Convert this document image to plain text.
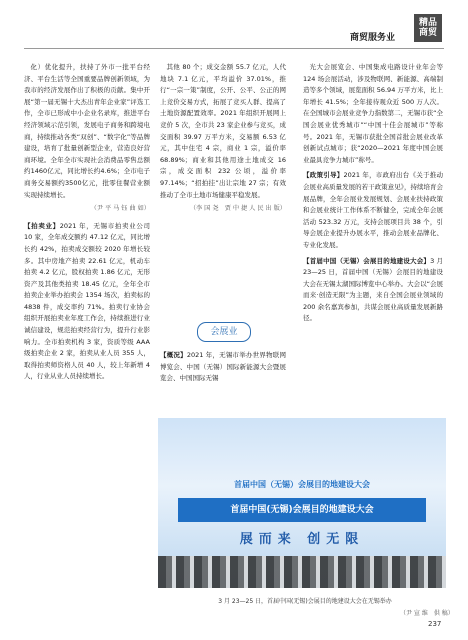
商贸服务业
精品
商贸

化）优化提升，扶持了外市一批平台经济、平台生活等全国重要品牌创新领域，为我市的经济发展作出了积极的贡献。集中开展“第一届无锡十大杰出青年企业家”评选工作，全市已形成中小企业名录库，推进平台经济领域示范引领，发展电子商务和跨境电商，持续推动各类“双创”、“数字化”等品牌建设，培育了批量创新型企业，营造良好营商环境。全年全市实现社会消费品零售总额约1460亿元，同比增长约4.6%；全市电子商务交易额约3500亿元，批零住餐营业额实现持续增长。

（尹 平 马 钰 曲 如）

【拍卖业】2021 年，无锡市拍卖业公司 10 家，全年成交额约 47.12 亿元，同比增长约 42%，拍卖成交额较 2020 年增长较多。其中房地产拍卖 22.61 亿元，机动车拍卖 4.2 亿元，股权拍卖 1.86 亿元，无形资产及其他类拍卖 18.45 亿元，全年全市拍卖企业举办拍卖会 1354 场次，拍卖标的 4838 件，成交率约 71%。拍卖行业协会组织开展拍卖业年度工作会，持续推进行业诚信建设，规范拍卖经营行为，提升行业影响力。全市拍卖机构 3 家，资质等级 AAA 级拍卖企业 2 家，拍卖从业人员 355 人，取得拍卖师资格人员 40 人，较上年新增 4 人，行业从业人员持续增长。

其他 80 个；成交金额 55.7 亿元，人代地块 7.1 亿元，平均溢价 37.01%，推行“一宗一策”制度，公开、公平、公正的网上竞价交易方式，拓展了竞买人群、提高了土地资源配置效率。2021 年组织开展网上竞价 5 次，全市共 23 家企业参与竞买，成交面积 39.97 万平方米，交易额 6.53 亿元，其中住宅 4 宗，商业 1 宗，溢价率 68.89%；商业和其他用途土地成交 16 宗，成交面积 232 公顷，溢价率 97.14%；“招拍挂”出让宗地 27 宗；有效推动了全市土地市场健康平稳发展。

（李 国 尧　贾 中 捷 人 民 出 版）

会展业

【概况】2021 年，无锡市举办世界物联网博览会、中国（无锡）国际新能源大会暨展览会、中国国际无锡

光大会展览会、中国集成电路设计业年会等 124 场会展活动，涉及物联网、新能源、高端制造等多个领域，展览面积 56.94 万平方米，比上年增长 41.5%；全年接待观众近 500 万人次。在全国城市会展业竞争力指数第二，无锡市获“全国会展业优秀城市”“中国十佳会展城市”等称号。2021 年，无锡市获批全国首批会展业改革创新试点城市；获“2020—2021 年度中国会展业最具竞争力城市”称号。

【政策引导】2021 年，市政府出台《关于推动会展业高质量发展的若干政策意见》，持续培育会展品牌，全年会展业发展规划、会展业扶持政策和会展业统计工作体系不断健全，完成全年会展活动 523.32 万元，支持会展项目共 38 个，引导会展企业提升办展水平，推动会展业品牌化、专业化发展。

【首届中国（无锡）会展目的地建设大会】3 月 23—25 日，首届中国（无锡）会展目的地建设大会在无锡太湖国际博览中心举办。大会以“会展而来·创造无限”为主题，来自全国会展业领域的 200 余名嘉宾参加，共谋会展业高质量发展新路径。

首届中国（无锡）会展目的地建设大会
首届中国(无锡)会展目的地建设大会
展而来 创无限
3 月 23—25 日，首届中国(无锡)会展目的地建设大会在无锡举办
（尹 宣 维　供 稿）
237
